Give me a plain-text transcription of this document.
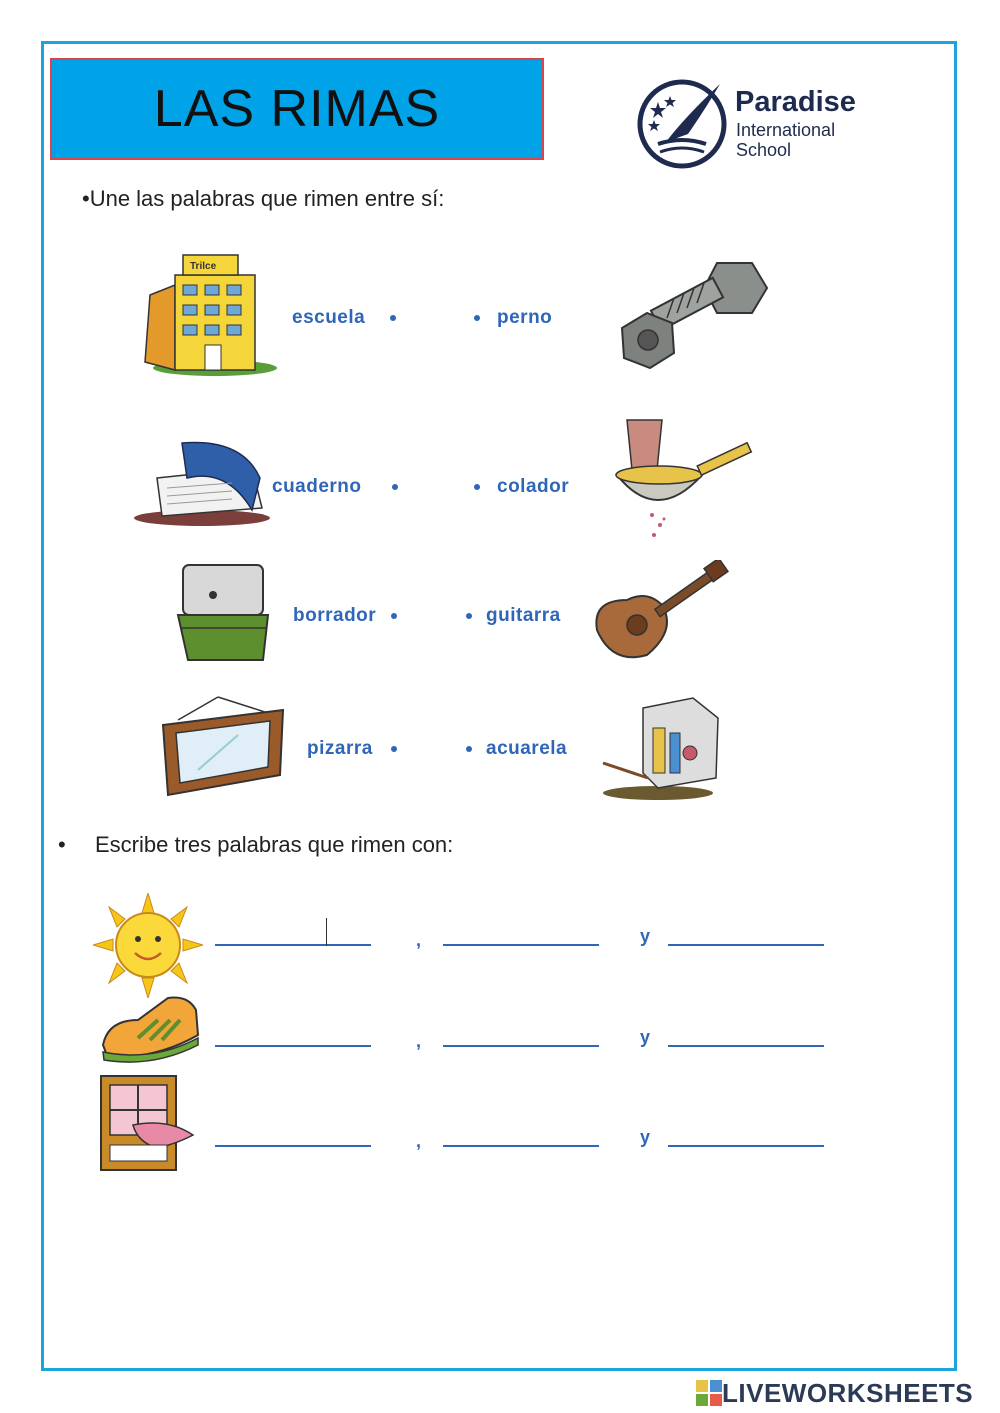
LAS RIMAS	Paradise
International
School
•Une las palabras que rimen entre sí:
Trilce
escuela	perno
cuaderno	colador
borrador	guitarra
pizarra	acuarela
• Escribe tres palabras que rimen con:
,	y
,	y
,	y
LIVEWORKSHEETS
